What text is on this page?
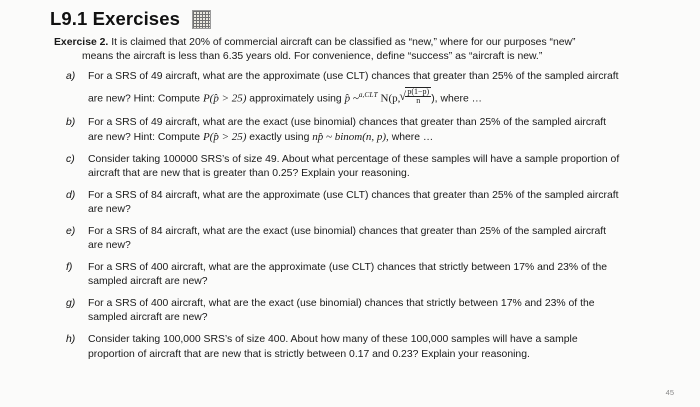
L9.1 Exercises
Exercise 2. It is claimed that 20% of commercial aircraft can be classified as “new,” where for our purposes “new”
means the aircraft is less than 6.35 years old. For convenience, define “success” as “aircraft is new.”
a) For a SRS of 49 aircraft, what are the approximate (use CLT) chances that greater than 25% of the sampled aircraft
are new? Hint: Compute P(p̂ > 25) approximately using p̂ ~$^{a,CLT}$ N(p, √ $\frac{p(1-p)}{n}$ ), where …
b) For a SRS of 49 aircraft, what are the exact (use binomial) chances that greater than 25% of the sampled aircraft
are new? Hint: Compute P(p̂ > 25) exactly using np̂ ~ binom(n, p), where …
c) Consider taking 100000 SRS’s of size 49. About what percentage of these samples will have a sample proportion of
aircraft that are new that is greater than 0.25? Explain your reasoning.
d) For a SRS of 84 aircraft, what are the approximate (use CLT) chances that greater than 25% of the sampled aircraft
are new?
e) For a SRS of 84 aircraft, what are the exact (use binomial) chances that greater than 25% of the sampled aircraft
are new?
f) For a SRS of 400 aircraft, what are the approximate (use CLT) chances that strictly between 17% and 23% of the
sampled aircraft are new?
g) For a SRS of 400 aircraft, what are the exact (use binomial) chances that strictly between 17% and 23% of the
sampled aircraft are new?
h) Consider taking 100,000 SRS’s of size 400. About how many of these 100,000 samples will have a sample
proportion of aircraft that are new that is strictly between 0.17 and 0.23? Explain your reasoning.
45
